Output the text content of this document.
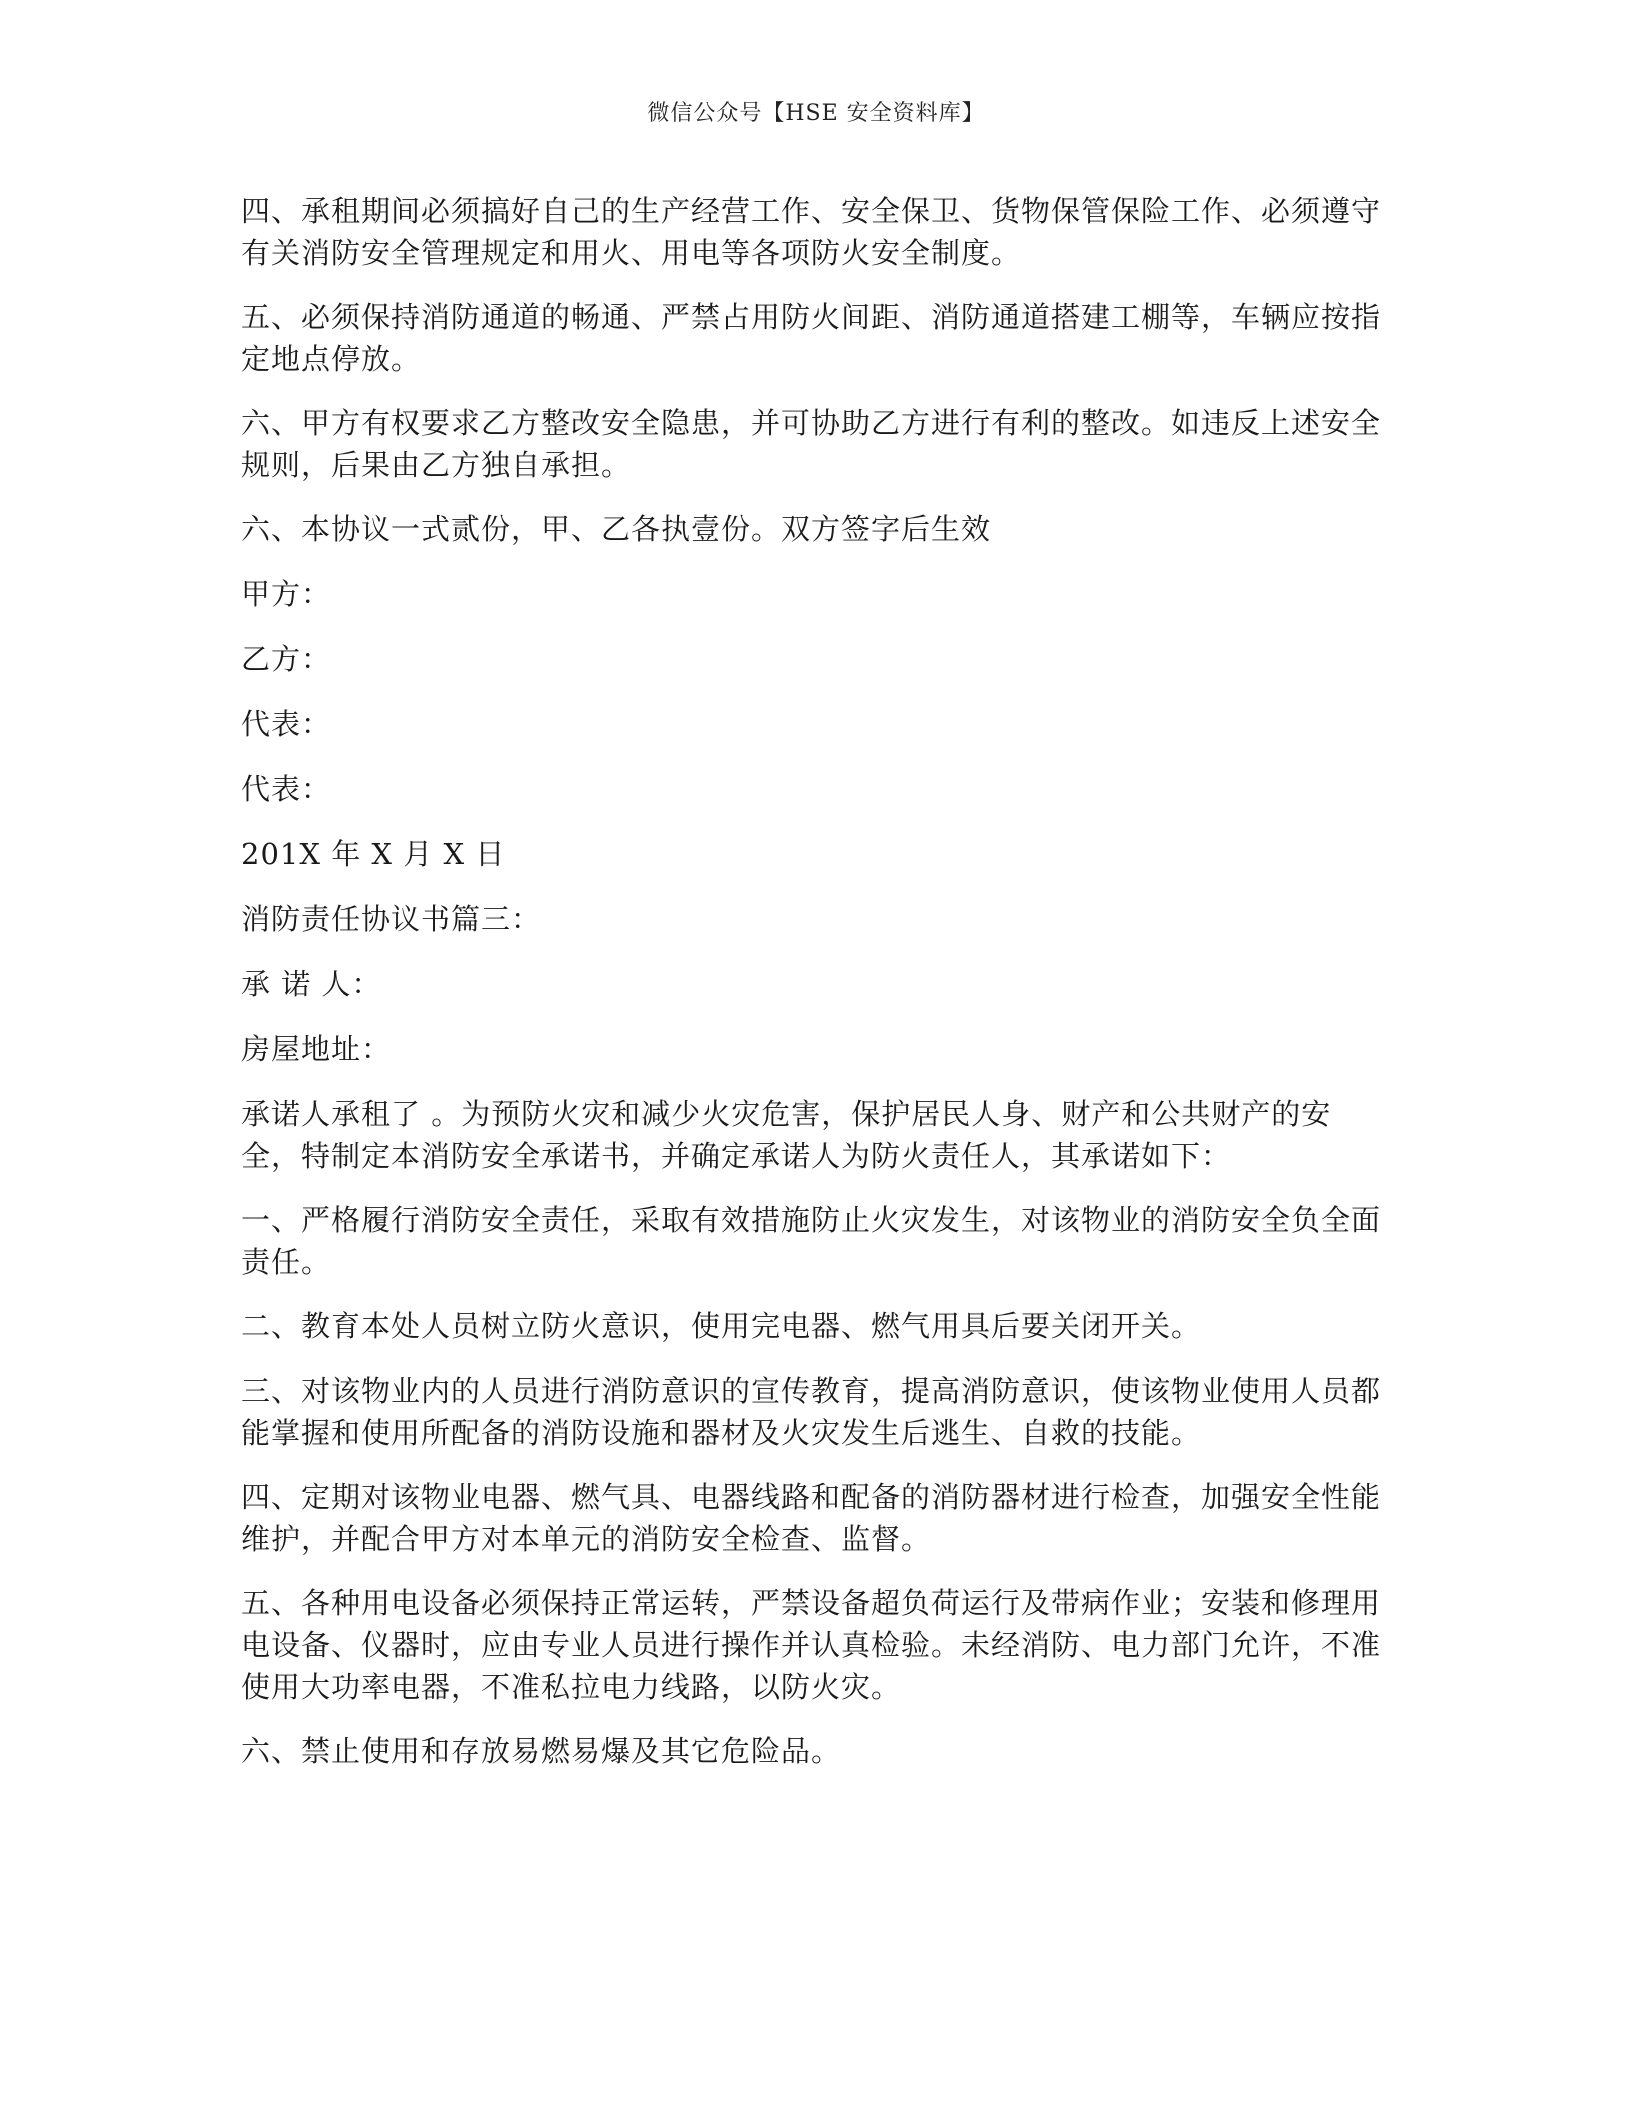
微信公众号【HSE 安全资料库】

四、承租期间必须搞好自己的生产经营工作、安全保卫、货物保管保险工作、必须遵守有关消防安全管理规定和用火、用电等各项防火安全制度。

五、必须保持消防通道的畅通、严禁占用防火间距、消防通道搭建工棚等，车辆应按指定地点停放。

六、甲方有权要求乙方整改安全隐患，并可协助乙方进行有利的整改。如违反上述安全规则，后果由乙方独自承担。

六、本协议一式贰份，甲、乙各执壹份。双方签字后生效

甲方：

乙方：

代表：

代表：

201X 年 X 月 X 日

消防责任协议书篇三：

承 诺 人：

房屋地址：

承诺人承租了 。为预防火灾和减少火灾危害，保护居民人身、财产和公共财产的安全，特制定本消防安全承诺书，并确定承诺人为防火责任人，其承诺如下：

一、严格履行消防安全责任，采取有效措施防止火灾发生，对该物业的消防安全负全面责任。

二、教育本处人员树立防火意识，使用完电器、燃气用具后要关闭开关。

三、对该物业内的人员进行消防意识的宣传教育，提高消防意识，使该物业使用人员都能掌握和使用所配备的消防设施和器材及火灾发生后逃生、自救的技能。

四、定期对该物业电器、燃气具、电器线路和配备的消防器材进行检查，加强安全性能维护，并配合甲方对本单元的消防安全检查、监督。

五、各种用电设备必须保持正常运转，严禁设备超负荷运行及带病作业；安装和修理用电设备、仪器时，应由专业人员进行操作并认真检验。未经消防、电力部门允许，不准使用大功率电器，不准私拉电力线路，以防火灾。

六、禁止使用和存放易燃易爆及其它危险品。
